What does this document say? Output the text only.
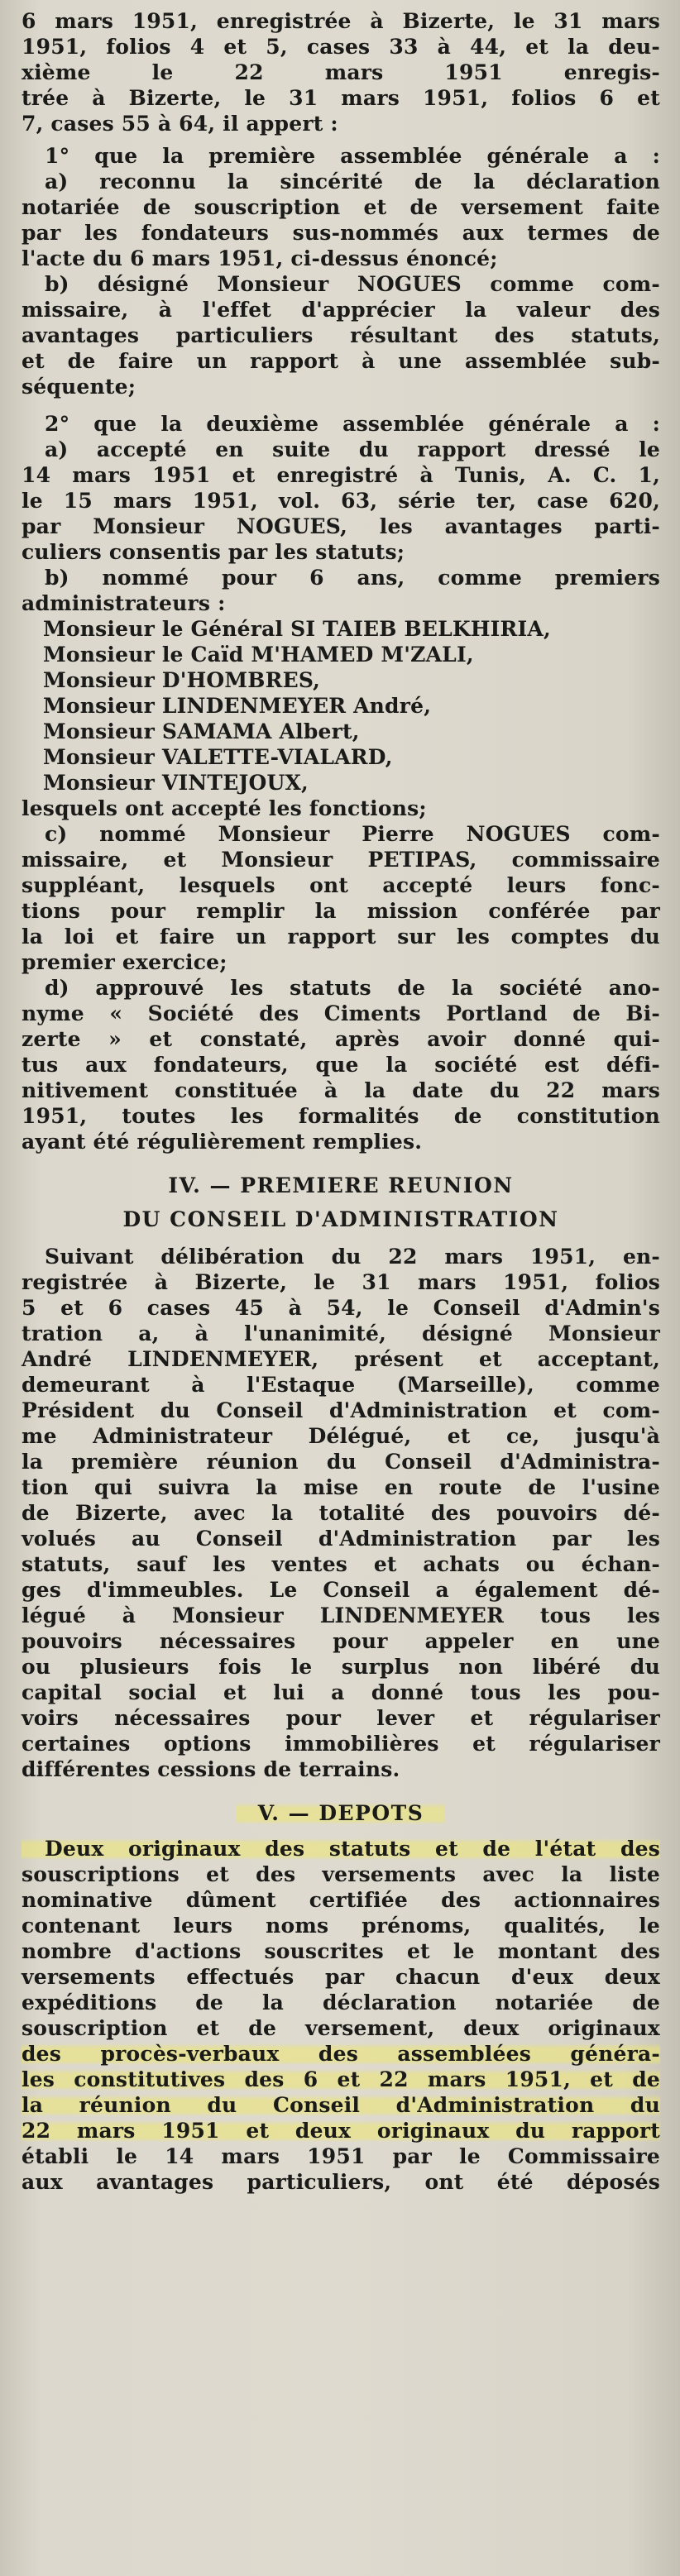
6 mars 1951, enregistrée à Bizerte, le 31 mars
1951, folios 4 et 5, cases 33 à 44, et la deu-
xième le 22 mars 1951 enregis-
trée à Bizerte, le 31 mars 1951, folios 6 et
7, cases 55 à 64, il appert :
1° que la première assemblée générale a :
a) reconnu la sincérité de la déclaration
notariée de souscription et de versement faite
par les fondateurs sus-nommés aux termes de
l'acte du 6 mars 1951, ci-dessus énoncé;
b) désigné Monsieur NOGUES comme com-
missaire, à l'effet d'apprécier la valeur des
avantages particuliers résultant des statuts,
et de faire un rapport à une assemblée sub-
séquente;
2° que la deuxième assemblée générale a :
a) accepté en suite du rapport dressé le
14 mars 1951 et enregistré à Tunis, A. C. 1,
le 15 mars 1951, vol. 63, série ter, case 620,
par Monsieur NOGUES, les avantages parti-
culiers consentis par les statuts;
b) nommé pour 6 ans, comme premiers
administrateurs :
Monsieur le Général SI TAIEB BELKHIRIA,
Monsieur le Caïd M'HAMED M'ZALI,
Monsieur D'HOMBRES,
Monsieur LINDENMEYER André,
Monsieur SAMAMA Albert,
Monsieur VALETTE-VIALARD,
Monsieur VINTEJOUX,
lesquels ont accepté les fonctions;
c) nommé Monsieur Pierre NOGUES com-
missaire, et Monsieur PETIPAS, commissaire
suppléant, lesquels ont accepté leurs fonc-
tions pour remplir la mission conférée par
la loi et faire un rapport sur les comptes du
premier exercice;
d) approuvé les statuts de la société ano-
nyme « Société des Ciments Portland de Bi-
zerte » et constaté, après avoir donné qui-
tus aux fondateurs, que la société est défi-
nitivement constituée à la date du 22 mars
1951, toutes les formalités de constitution
ayant été régulièrement remplies.
IV. — PREMIERE REUNION
DU CONSEIL D'ADMINISTRATION
Suivant délibération du 22 mars 1951, en-
registrée à Bizerte, le 31 mars 1951, folios
5 et 6 cases 45 à 54, le Conseil d'Admin's
tration a, à l'unanimité, désigné Monsieur
André LINDENMEYER, présent et acceptant,
demeurant à l'Estaque (Marseille), comme
Président du Conseil d'Administration et com-
me Administrateur Délégué, et ce, jusqu'à
la première réunion du Conseil d'Administra-
tion qui suivra la mise en route de l'usine
de Bizerte, avec la totalité des pouvoirs dé-
volués au Conseil d'Administration par les
statuts, sauf les ventes et achats ou échan-
ges d'immeubles. Le Conseil a également dé-
légué à Monsieur LINDENMEYER tous les
pouvoirs nécessaires pour appeler en une
ou plusieurs fois le surplus non libéré du
capital social et lui a donné tous les pou-
voirs nécessaires pour lever et régulariser
certaines options immobilières et régulariser
différentes cessions de terrains.
V. — DEPOTS
Deux originaux des statuts et de l'état des
souscriptions et des versements avec la liste
nominative dûment certifiée des actionnaires
contenant leurs noms prénoms, qualités, le
nombre d'actions souscrites et le montant des
versements effectués par chacun d'eux deux
expéditions de la déclaration notariée de
souscription et de versement, deux originaux
des procès-verbaux des assemblées généra-
les constitutives des 6 et 22 mars 1951, et de
la réunion du Conseil d'Administration du
22 mars 1951 et deux originaux du rapport
établi le 14 mars 1951 par le Commissaire
aux avantages particuliers, ont été déposés
